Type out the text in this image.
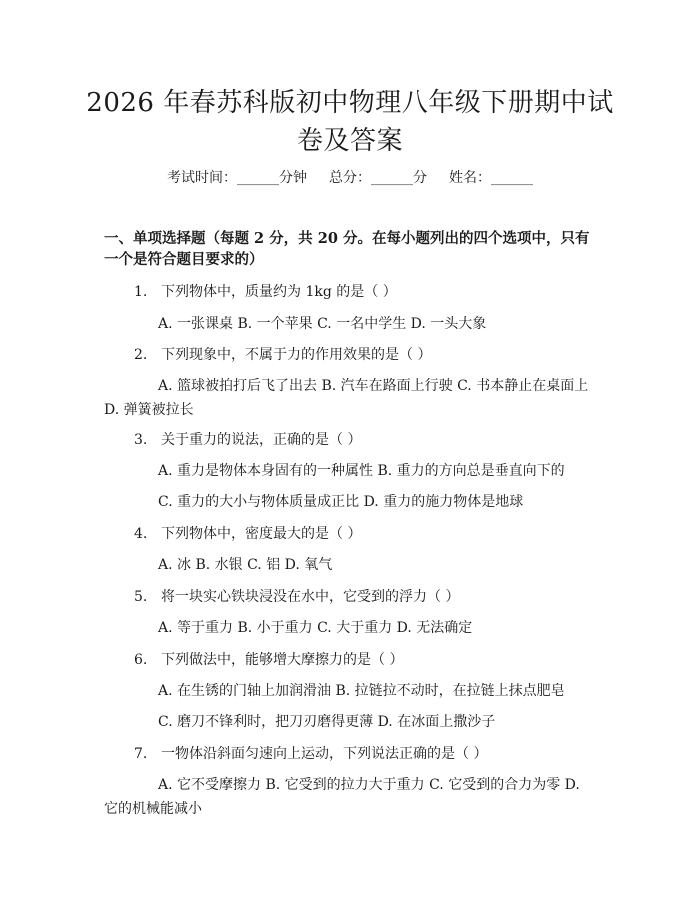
2026 年春苏科版初中物理八年级下册期中试
卷及答案
考试时间：______分钟 总分：______分 姓名：______
一、单项选择题（每题 2 分，共 20 分。在每小题列出的四个选项中，只有一个是符合题目要求的）
1. 下列物体中，质量约为 1kg 的是（ ）
A. 一张课桌 B. 一个苹果 C. 一名中学生 D. 一头大象
2. 下列现象中，不属于力的作用效果的是（ ）
A. 篮球被拍打后飞了出去 B. 汽车在路面上行驶 C. 书本静止在桌面上 D. 弹簧被拉长
3. 关于重力的说法，正确的是（ ）
A. 重力是物体本身固有的一种属性 B. 重力的方向总是垂直向下的
C. 重力的大小与物体质量成正比 D. 重力的施力物体是地球
4. 下列物体中，密度最大的是（ ）
A. 冰 B. 水银 C. 铝 D. 氧气
5. 将一块实心铁块浸没在水中，它受到的浮力（ ）
A. 等于重力 B. 小于重力 C. 大于重力 D. 无法确定
6. 下列做法中，能够增大摩擦力的是（ ）
A. 在生锈的门轴上加润滑油 B. 拉链拉不动时，在拉链上抹点肥皂
C. 磨刀不锋利时，把刀刃磨得更薄 D. 在冰面上撒沙子
7. 一物体沿斜面匀速向上运动，下列说法正确的是（ ）
A. 它不受摩擦力 B. 它受到的拉力大于重力 C. 它受到的合力为零 D. 它的机械能减小
